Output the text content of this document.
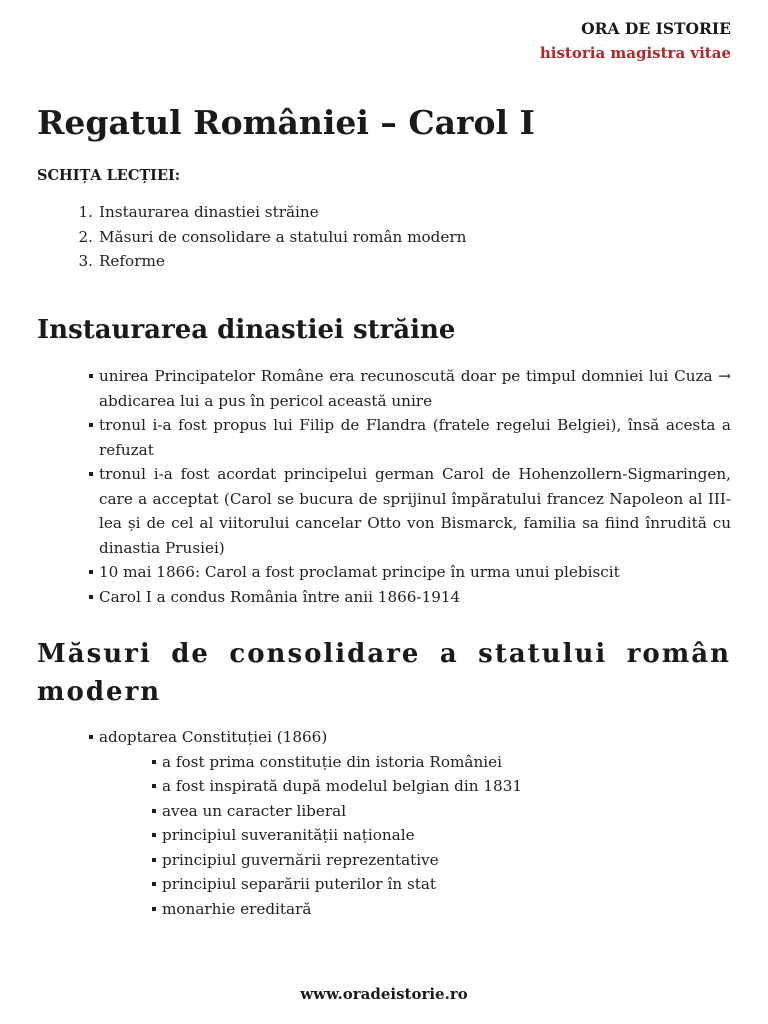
ORA DE ISTORIE
historia magistra vitae
Regatul României – Carol I
SCHIȚA LECȚIEI:
1. Instaurarea dinastiei străine
2. Măsuri de consolidare a statului român modern
3. Reforme
Instaurarea dinastiei străine
unirea Principatelor Române era recunoscută doar pe timpul domniei lui Cuza → abdicarea lui a pus în pericol această unire
tronul i-a fost propus lui Filip de Flandra (fratele regelui Belgiei), însă acesta a refuzat
tronul i-a fost acordat principelui german Carol de Hohenzollern-Sigmaringen, care a acceptat (Carol se bucura de sprijinul împăratului francez Napoleon al III-lea și de cel al viitorului cancelar Otto von Bismarck, familia sa fiind înrudită cu dinastia Prusiei)
10 mai 1866: Carol a fost proclamat principe în urma unui plebiscit
Carol I a condus România între anii 1866-1914
Măsuri de consolidare a statului român modern
adoptarea Constituției (1866)
a fost prima constituție din istoria României
a fost inspirată după modelul belgian din 1831
avea un caracter liberal
principiul suveranității naționale
principiul guvernării reprezentative
principiul separării puterilor în stat
monarhie ereditară
www.oradeistorie.ro
